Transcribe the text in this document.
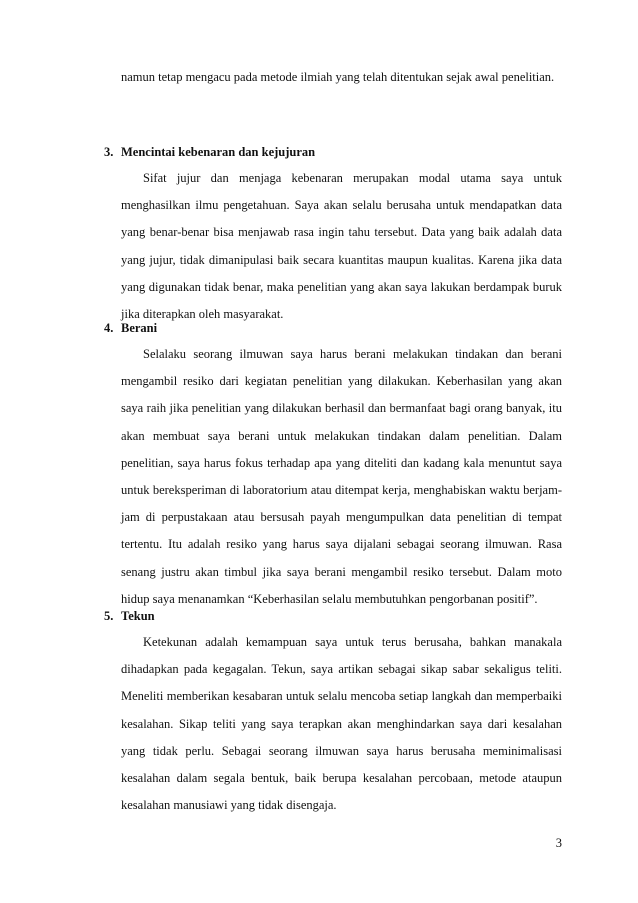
namun tetap mengacu pada metode ilmiah yang telah ditentukan sejak awal penelitian.

3. Mencintai kebenaran dan kejujuran

Sifat jujur dan menjaga kebenaran merupakan modal utama saya untuk menghasilkan ilmu pengetahuan. Saya akan selalu berusaha untuk mendapatkan data yang benar-benar bisa menjawab rasa ingin tahu tersebut. Data yang baik adalah data yang jujur, tidak dimanipulasi baik secara kuantitas maupun kualitas. Karena jika data yang digunakan tidak benar, maka penelitian yang akan saya lakukan berdampak buruk jika diterapkan oleh masyarakat.

4. Berani

Selalaku seorang ilmuwan saya harus berani melakukan tindakan dan berani mengambil resiko dari kegiatan penelitian yang dilakukan. Keberhasilan yang akan saya raih jika penelitian yang dilakukan berhasil dan bermanfaat bagi orang banyak, itu akan membuat saya berani untuk melakukan tindakan dalam penelitian. Dalam penelitian, saya harus fokus terhadap apa yang diteliti dan kadang kala menuntut saya untuk bereksperiman di laboratorium atau ditempat kerja, menghabiskan waktu berjam-jam di perpustakaan atau bersusah payah mengumpulkan data penelitian di tempat tertentu. Itu adalah resiko yang harus saya dijalani sebagai seorang ilmuwan. Rasa senang justru akan timbul jika saya berani mengambil resiko tersebut. Dalam moto hidup saya menanamkan “Keberhasilan selalu membutuhkan pengorbanan positif”.

5. Tekun

Ketekunan adalah kemampuan saya untuk terus berusaha, bahkan manakala dihadapkan pada kegagalan. Tekun, saya artikan sebagai sikap sabar sekaligus teliti. Meneliti memberikan kesabaran untuk selalu mencoba setiap langkah dan memperbaiki kesalahan. Sikap teliti yang saya terapkan akan menghindarkan saya dari kesalahan yang tidak perlu. Sebagai seorang ilmuwan saya harus berusaha meminimalisasi kesalahan dalam segala bentuk, baik berupa kesalahan percobaan, metode ataupun kesalahan manusiawi yang tidak disengaja.

3
